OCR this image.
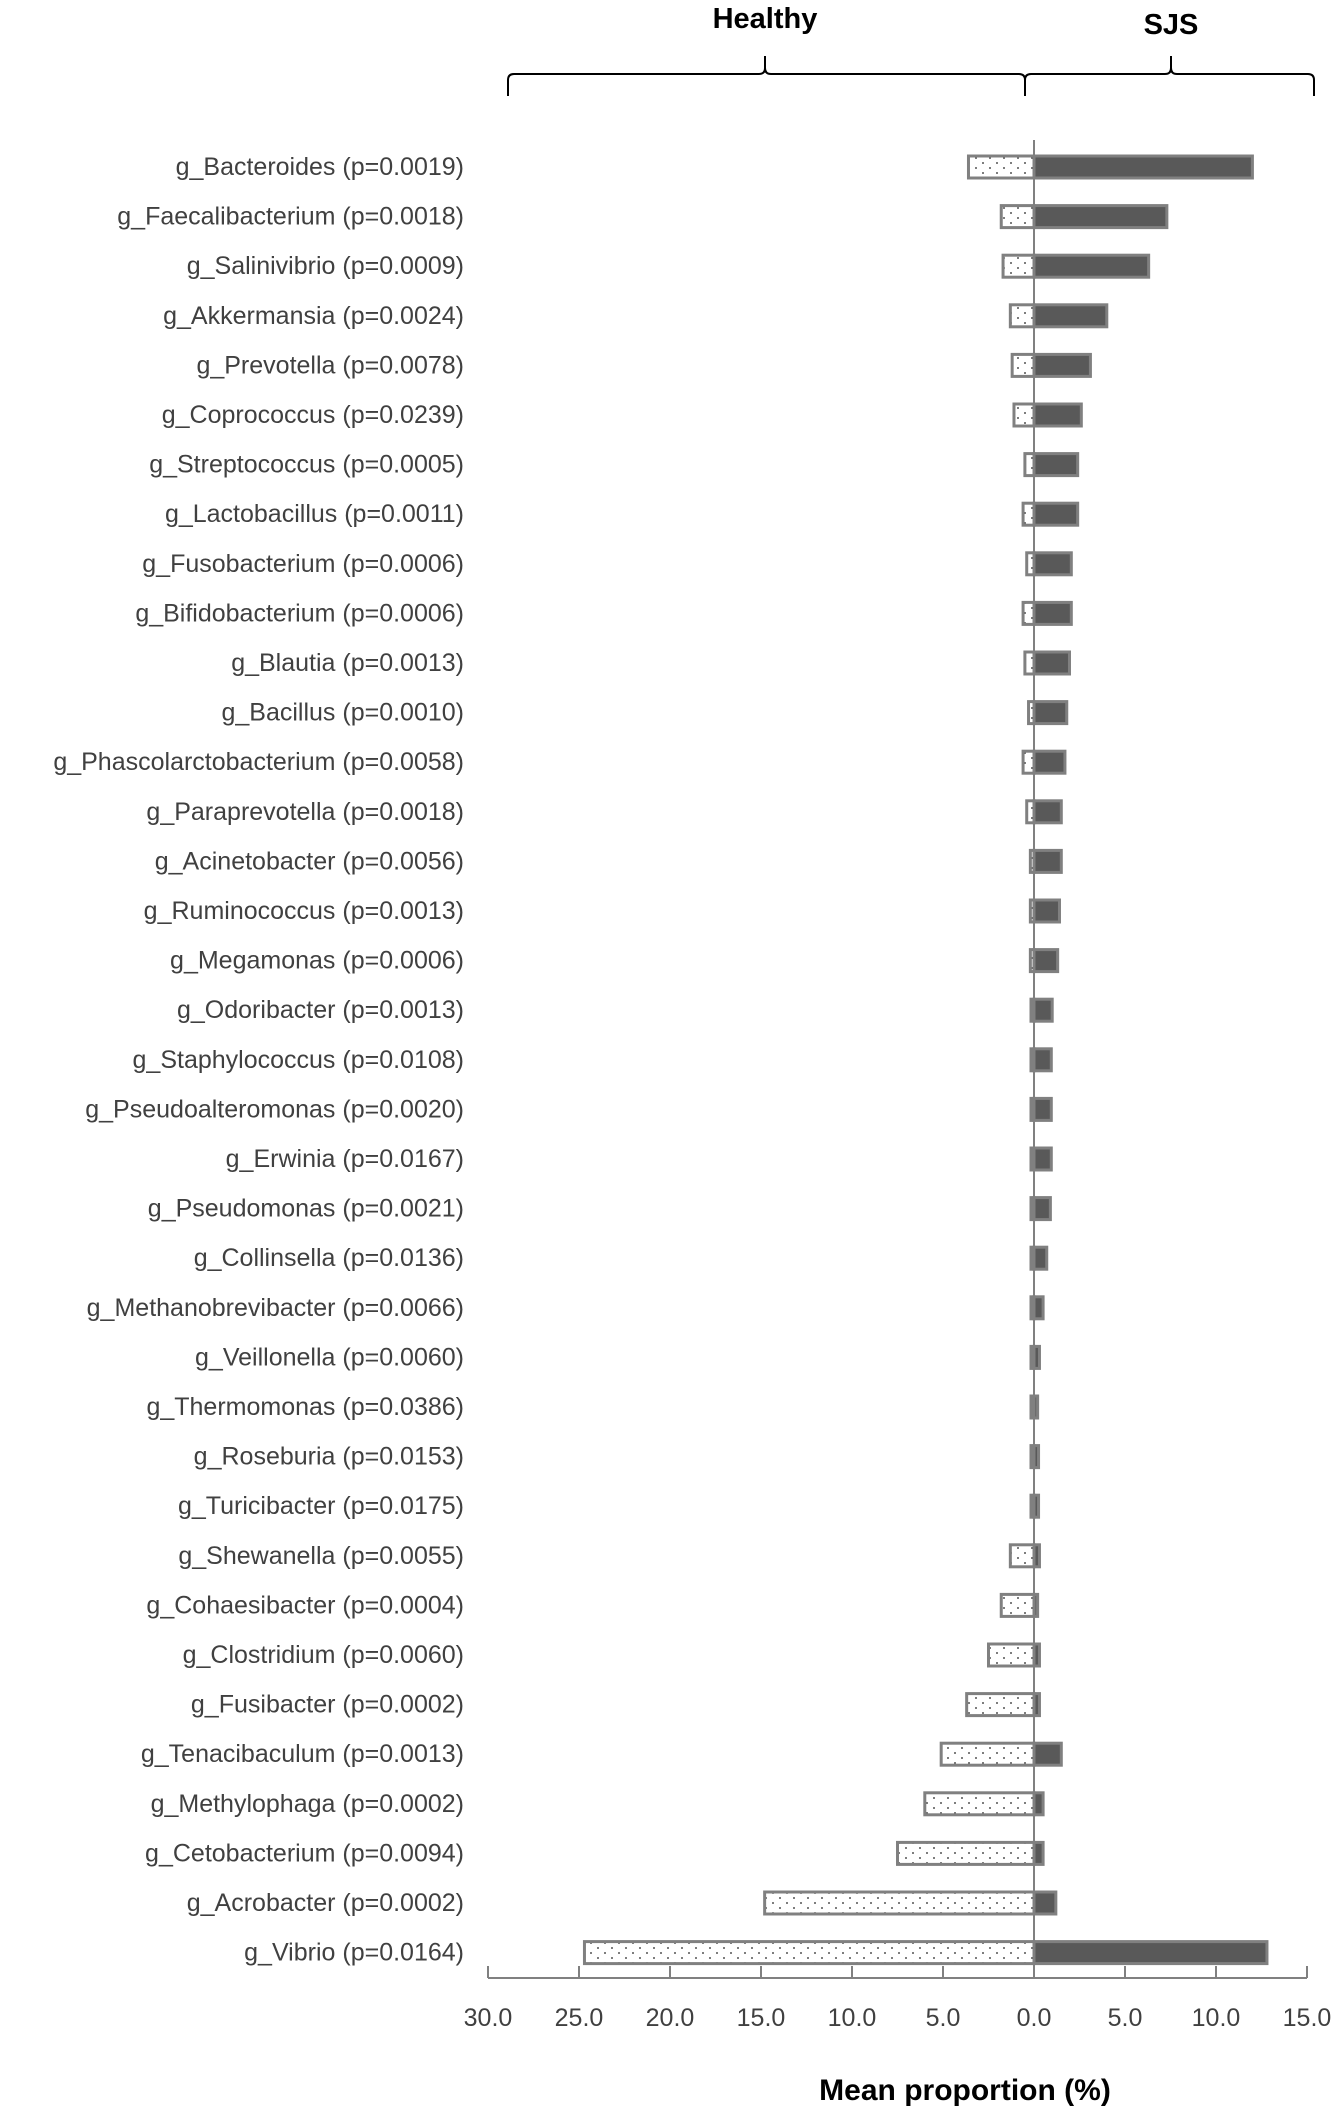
Healthy	SJS
g_Bacteroides (p=0.0019)
g_Faecalibacterium (p=0.0018)
g_Salinivibrio (p=0.0009)
g_Akkermansia (p=0.0024)
g_Prevotella (p=0.0078)
g_Coprococcus (p=0.0239)
g_Streptococcus (p=0.0005)
g_Lactobacillus (p=0.0011)
g_Fusobacterium (p=0.0006)
g_Bifidobacterium (p=0.0006)
g_Blautia (p=0.0013)
g_Bacillus (p=0.0010)
g_Phascolarctobacterium (p=0.0058)
g_Paraprevotella (p=0.0018)
g_Acinetobacter (p=0.0056)
g_Ruminococcus (p=0.0013)
g_Megamonas (p=0.0006)
g_Odoribacter (p=0.0013)
g_Staphylococcus (p=0.0108)
g_Pseudoalteromonas (p=0.0020)
g_Erwinia (p=0.0167)
g_Pseudomonas (p=0.0021)
g_Collinsella (p=0.0136)
g_Methanobrevibacter (p=0.0066)
g_Veillonella (p=0.0060)
g_Thermomonas (p=0.0386)
g_Roseburia (p=0.0153)
g_Turicibacter (p=0.0175)
g_Shewanella (p=0.0055)
g_Cohaesibacter (p=0.0004)
g_Clostridium (p=0.0060)
g_Fusibacter (p=0.0002)
g_Tenacibaculum (p=0.0013)
g_Methylophaga (p=0.0002)
g_Cetobacterium (p=0.0094)
g_Acrobacter (p=0.0002)
g_Vibrio (p=0.0164)
30.0 25.0 20.0 15.0 10.0 5.0 0.0 5.0 10.0 15.0
Mean proportion (%)
